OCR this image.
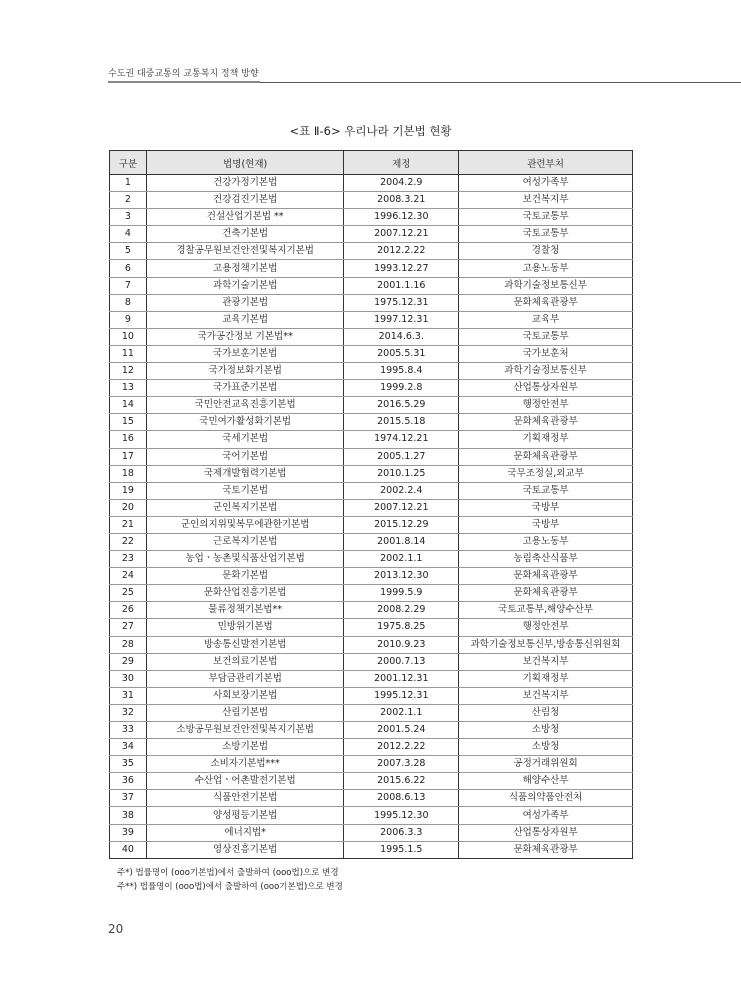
수도권 대중교통의 교통복지 정책 방향
<표 Ⅱ-6> 우리나라 기본법 현황
구분	법명(현재)	제정	관련부처
1	건강가정기본법	2004.2.9	여성가족부
2	건강검진기본법	2008.3.21	보건복지부
3	건설산업기본법 **	1996.12.30	국토교통부
4	건축기본법	2007.12.21	국토교통부
5	경찰공무원보건안전및복지기본법	2012.2.22	경찰청
6	고용정책기본법	1993.12.27	고용노동부
7	과학기술기본법	2001.1.16	과학기술정보통신부
8	관광기본법	1975.12.31	문화체육관광부
9	교육기본법	1997.12.31	교육부
10	국가공간정보 기본법**	2014.6.3.	국토교통부
11	국가보훈기본법	2005.5.31	국가보훈처
12	국가정보화기본법	1995.8.4	과학기술정보통신부
13	국가표준기본법	1999.2.8	산업통상자원부
14	국민안전교육진흥기본법	2016.5.29	행정안전부
15	국민여가활성화기본법	2015.5.18	문화체육관광부
16	국세기본법	1974.12.21	기획재정부
17	국어기본법	2005.1.27	문화체육관광부
18	국제개발협력기본법	2010.1.25	국무조정실,외교부
19	국토기본법	2002.2.4	국토교통부
20	군인복지기본법	2007.12.21	국방부
21	군인의지위및복무에관한기본법	2015.12.29	국방부
22	근로복지기본법	2001.8.14	고용노동부
23	농업ㆍ농촌및식품산업기본법	2002.1.1	농림축산식품부
24	문화기본법	2013.12.30	문화체육관광부
25	문화산업진흥기본법	1999.5.9	문화체육관광부
26	물류정책기본법**	2008.2.29	국토교통부,해양수산부
27	민방위기본법	1975.8.25	행정안전부
28	방송통신발전기본법	2010.9.23	과학기술정보통신부,방송통신위원회
29	보건의료기본법	2000.7.13	보건복지부
30	부담금관리기본법	2001.12.31	기획재정부
31	사회보장기본법	1995.12.31	보건복지부
32	산림기본법	2002.1.1	산림청
33	소방공무원보건안전및복지기본법	2001.5.24	소방청
34	소방기본법	2012.2.22	소방청
35	소비자기본법***	2007.3.28	공정거래위원회
36	수산업ㆍ어촌발전기본법	2015.6.22	해양수산부
37	식품안전기본법	2008.6.13	식품의약품안전처
38	양성평등기본법	1995.12.30	여성가족부
39	에너지법*	2006.3.3	산업통상자원부
40	영상진흥기본법	1995.1.5	문화체육관광부
주*) 법률명이 (ooo기본법)에서 출발하여 (ooo법)으로 변경
주**) 법률명이 (ooo법)에서 출발하여 (ooo기본법)으로 변경
20
